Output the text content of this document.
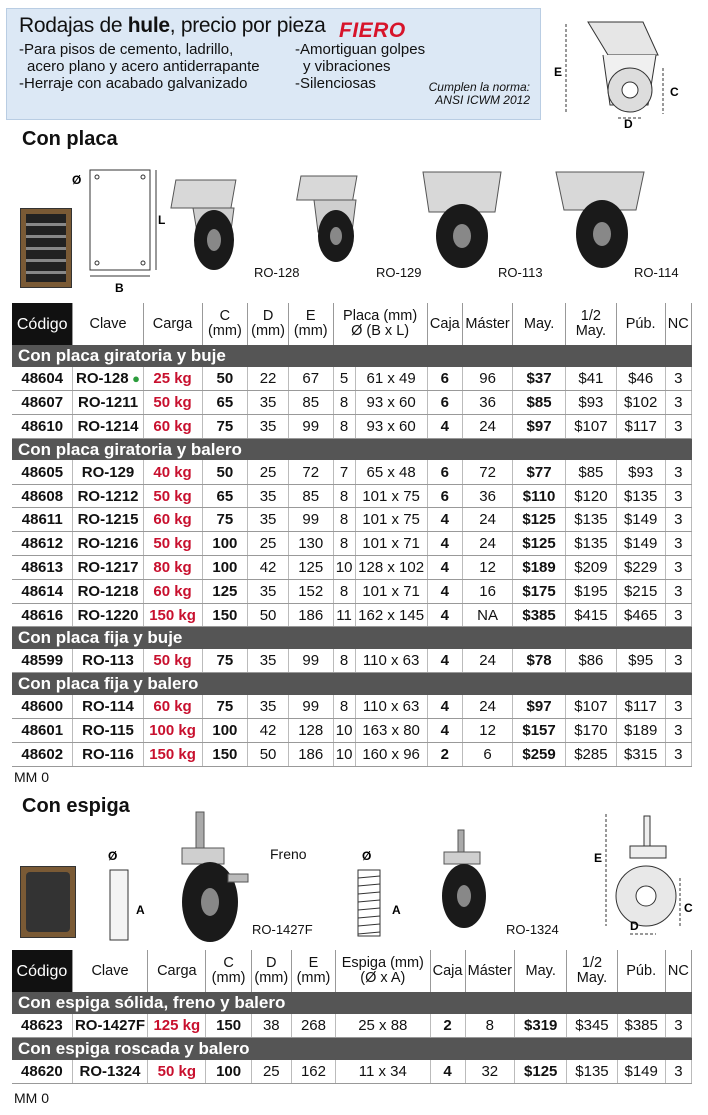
Rodajas de hule, precio por pieza FIERO
-Para pisos de cemento, ladrillo,
acero plano y acero antiderrapante
-Herraje con acabado galvanizado
-Amortiguan golpes
y vibraciones
-Silenciosas	Cumplen la norma:
ANSI ICWM 2012
E
C
D
Con placa
Ø
L
B
RO-128	RO-129	RO-113	RO-114
Código	Clave	Carga	C
(mm)	D
(mm)	E
(mm)	Placa (mm)
Ø (B x L)		Caja	Máster	May.	1/2 May.	Púb.	NC
Con placa giratoria y buje													
48604	RO-128 ●	25 kg	50	22	67	5	61 x 49	6	96	$37	$41	$46	3
48607	RO-1211	50 kg	65	35	85	8	93 x 60	6	36	$85	$93	$102	3
48610	RO-1214	60 kg	75	35	99	8	93 x 60	4	24	$97	$107	$117	3
Con placa giratoria y balero													
48605	RO-129	40 kg	50	25	72	7	65 x 48	6	72	$77	$85	$93	3
48608	RO-1212	50 kg	65	35	85	8	101 x 75	6	36	$110	$120	$135	3
48611	RO-1215	60 kg	75	35	99	8	101 x 75	4	24	$125	$135	$149	3
48612	RO-1216	50 kg	100	25	130	8	101 x 71	4	24	$125	$135	$149	3
48613	RO-1217	80 kg	100	42	125	10	128 x 102	4	12	$189	$209	$229	3
48614	RO-1218	60 kg	125	35	152	8	101 x 71	4	16	$175	$195	$215	3
48616	RO-1220	150 kg	150	50	186	11	162 x 145	4	NA	$385	$415	$465	3
Con placa fija y buje													
48599	RO-113	50 kg	75	35	99	8	110 x 63	4	24	$78	$86	$95	3
Con placa fija y balero													
48600	RO-114	60 kg	75	35	99	8	110 x 63	4	24	$97	$107	$117	3
48601	RO-115	100 kg	100	42	128	10	163 x 80	4	12	$157	$170	$189	3
48602	RO-116	150 kg	150	50	186	10	160 x 96	2	6	$259	$285	$315	3
MM 0
Con espiga
Ø
A
Freno
RO-1427F
Ø
A
RO-1324
E
C
D
Código	Clave	Carga	C
(mm)	D
(mm)	E
(mm)	Espiga (mm)
(Ø x A)	Caja	Máster	May.	1/2 May.	Púb.	NC
Con espiga sólida, freno y balero												
48623	RO-1427F	125 kg	150	38	268	25 x 88	2	8	$319	$345	$385	3
Con espiga roscada y balero												
48620	RO-1324	50 kg	100	25	162	11 x 34	4	32	$125	$135	$149	3
MM 0
